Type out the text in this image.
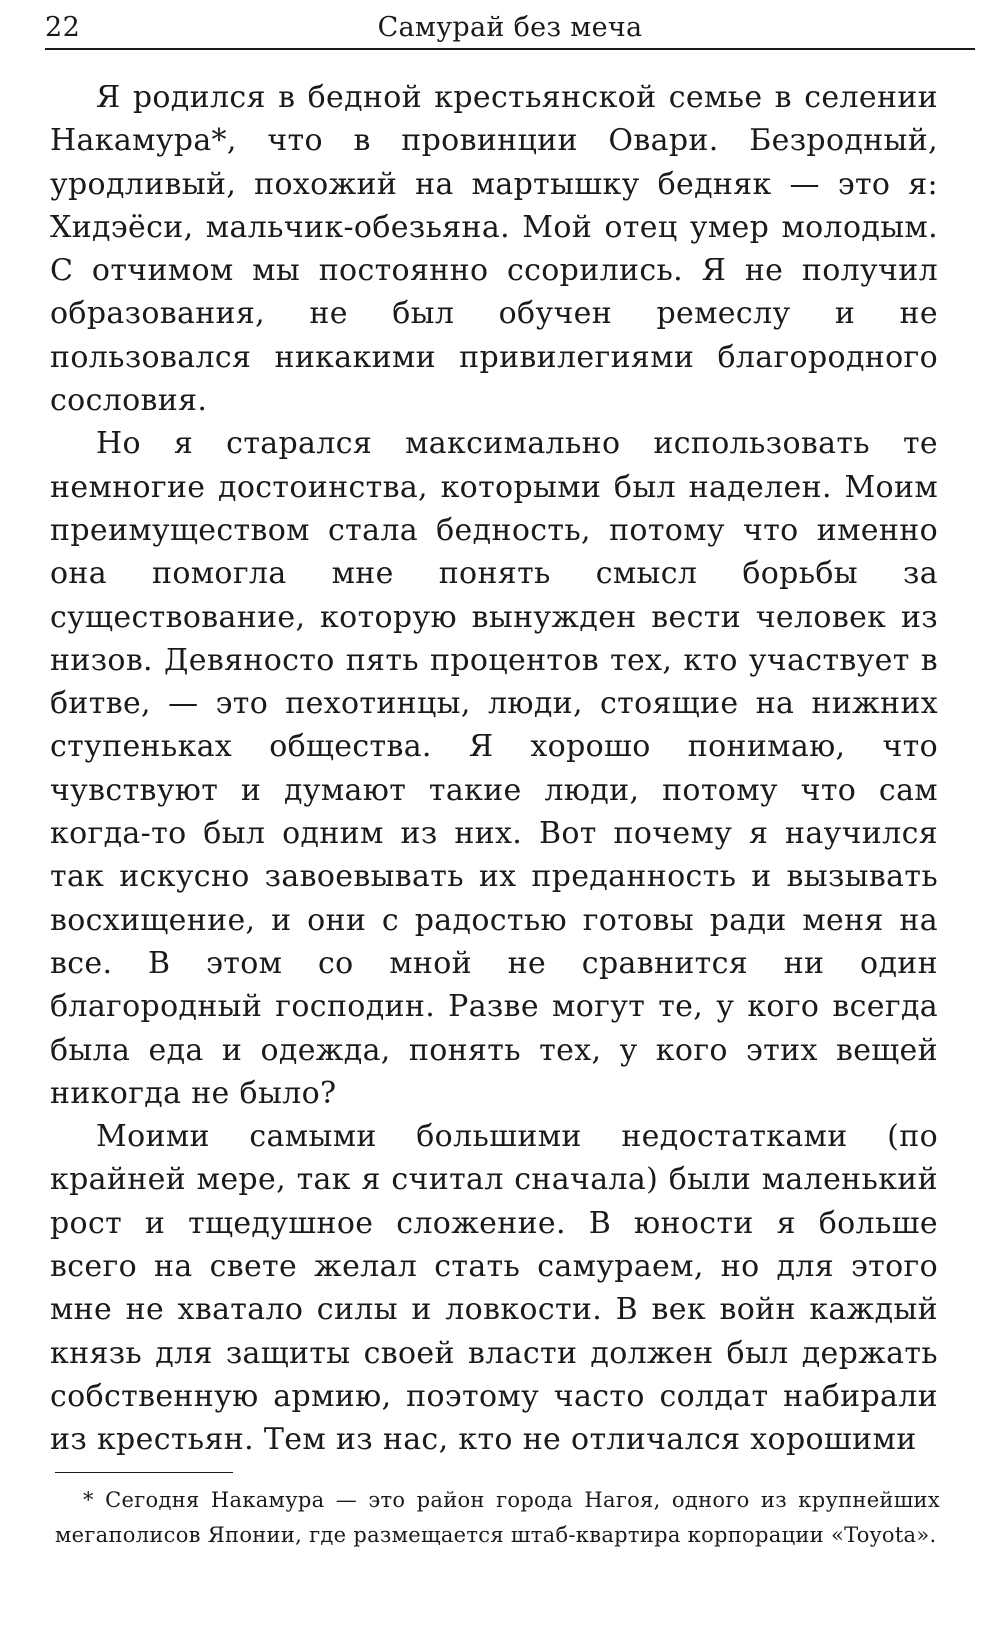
22	Самурай без меча

Я родился в бедной крестьянской семье в селении Накамура*, что в провинции Овари. Безродный, уродливый, похожий на мартышку бедняк — это я: Хидэёси, мальчик-обезьяна. Мой отец умер молодым. С отчимом мы постоянно ссорились. Я не получил образования, не был обучен ремеслу и не пользовался никакими привилегиями благородного сословия.

Но я старался максимально использовать те немногие достоинства, которыми был наделен. Моим преимуществом стала бедность, потому что именно она помогла мне понять смысл борьбы за существование, которую вынужден вести человек из низов. Девяносто пять процентов тех, кто участвует в битве, — это пехотинцы, люди, стоящие на нижних ступеньках общества. Я хорошо понимаю, что чувствуют и думают такие люди, потому что сам когда-то был одним из них. Вот почему я научился так искусно завоевывать их преданность и вызывать восхищение, и они с радостью готовы ради меня на все. В этом со мной не сравнится ни один благородный господин. Разве могут те, у кого всегда была еда и одежда, понять тех, у кого этих вещей никогда не было?

Моими самыми большими недостатками (по крайней мере, так я считал сначала) были маленький рост и тщедушное сложение. В юности я больше всего на свете желал стать самураем, но для этого мне не хватало силы и ловкости. В век войн каждый князь для защиты своей власти должен был держать собственную армию, поэтому часто солдат набирали из крестьян. Тем из нас, кто не отличался хорошими

* Сегодня Накамура — это район города Нагоя, одного из крупнейших мегаполисов Японии, где размещается штаб-квартира корпорации «Toyota».
